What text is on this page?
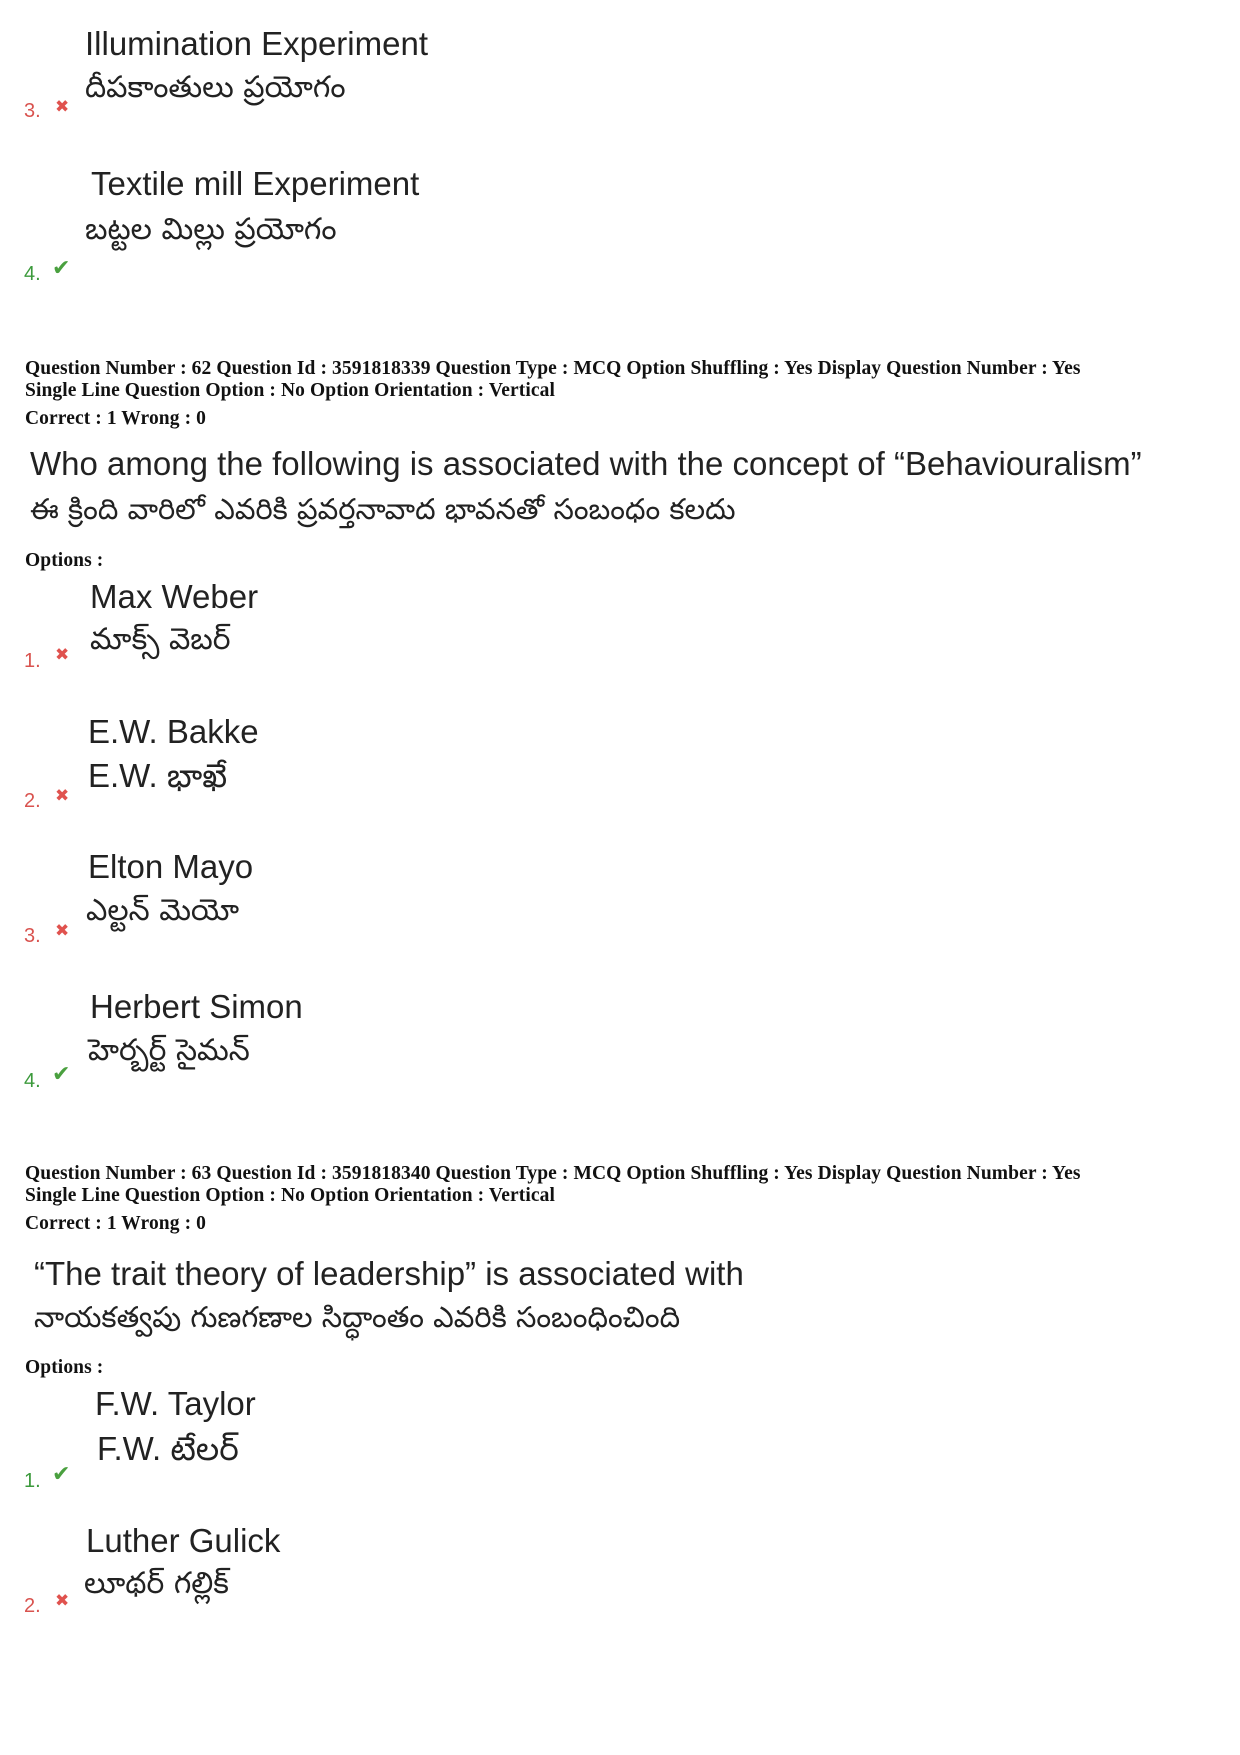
Illumination Experiment
దీపకాంతులు ప్రయోగం
3. ✖
Textile mill Experiment
బట్టల మిల్లు ప్రయోగం
4. ✔
Question Number : 62 Question Id : 3591818339 Question Type : MCQ Option Shuffling : Yes Display Question Number : Yes
Single Line Question Option : No Option Orientation : Vertical
Correct : 1 Wrong : 0
Who among the following is associated with the concept of “Behaviouralism”
ఈ క్రింది వారిలో ఎవరికి ప్రవర్తనావాద భావనతో సంబంధం కలదు
Options :
Max Weber
మాక్స్ వెబర్
1. ✖
E.W. Bakke
E.W. భాఖే
2. ✖
Elton Mayo
ఎల్టన్ మెయో
3. ✖
Herbert Simon
హెర్బర్ట్ సైమన్
4. ✔
Question Number : 63 Question Id : 3591818340 Question Type : MCQ Option Shuffling : Yes Display Question Number : Yes
Single Line Question Option : No Option Orientation : Vertical
Correct : 1 Wrong : 0
“The trait theory of leadership” is associated with
నాయకత్వపు గుణగణాల సిద్ధాంతం ఎవరికి సంబంధించింది
Options :
F.W. Taylor
F.W. టేలర్
1. ✔
Luther Gulick
లూథర్ గల్లిక్
2. ✖
